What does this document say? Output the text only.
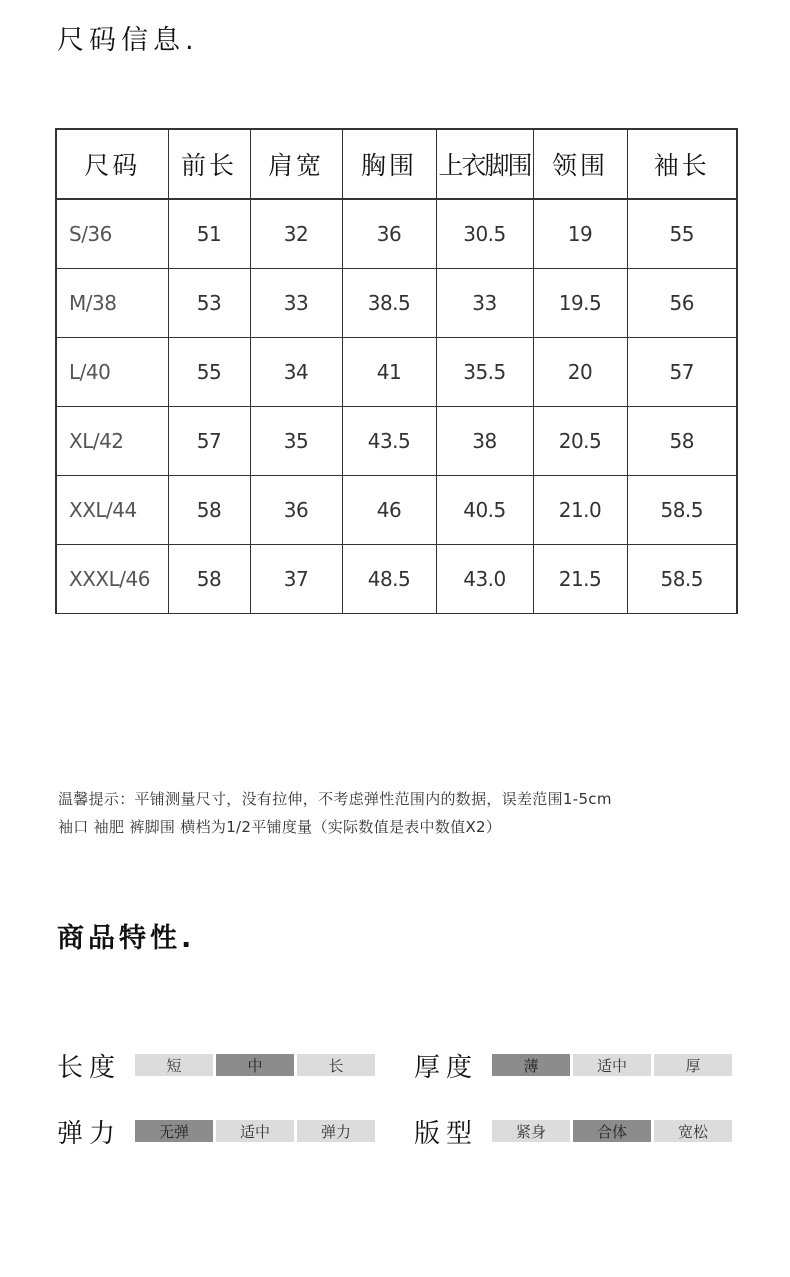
尺码信息.
尺码	前长	肩宽	胸围	上衣脚围	领围	袖长
S/36	51	32	36	30.5	19	55
M/38	53	33	38.5	33	19.5	56
L/40	55	34	41	35.5	20	57
XL/42	57	35	43.5	38	20.5	58
XXL/44	58	36	46	40.5	21.0	58.5
XXXL/46	58	37	48.5	43.0	21.5	58.5
温馨提示：平铺测量尺寸，没有拉伸，不考虑弹性范围内的数据，误差范围1-5cm
袖口 袖肥 裤脚围 横档为1/2平铺度量（实际数值是表中数值X2）
商品特性.
长度	短	中	长	厚度	薄	适中	厚
弹力	无弹	适中	弹力	版型	紧身	合体	宽松
